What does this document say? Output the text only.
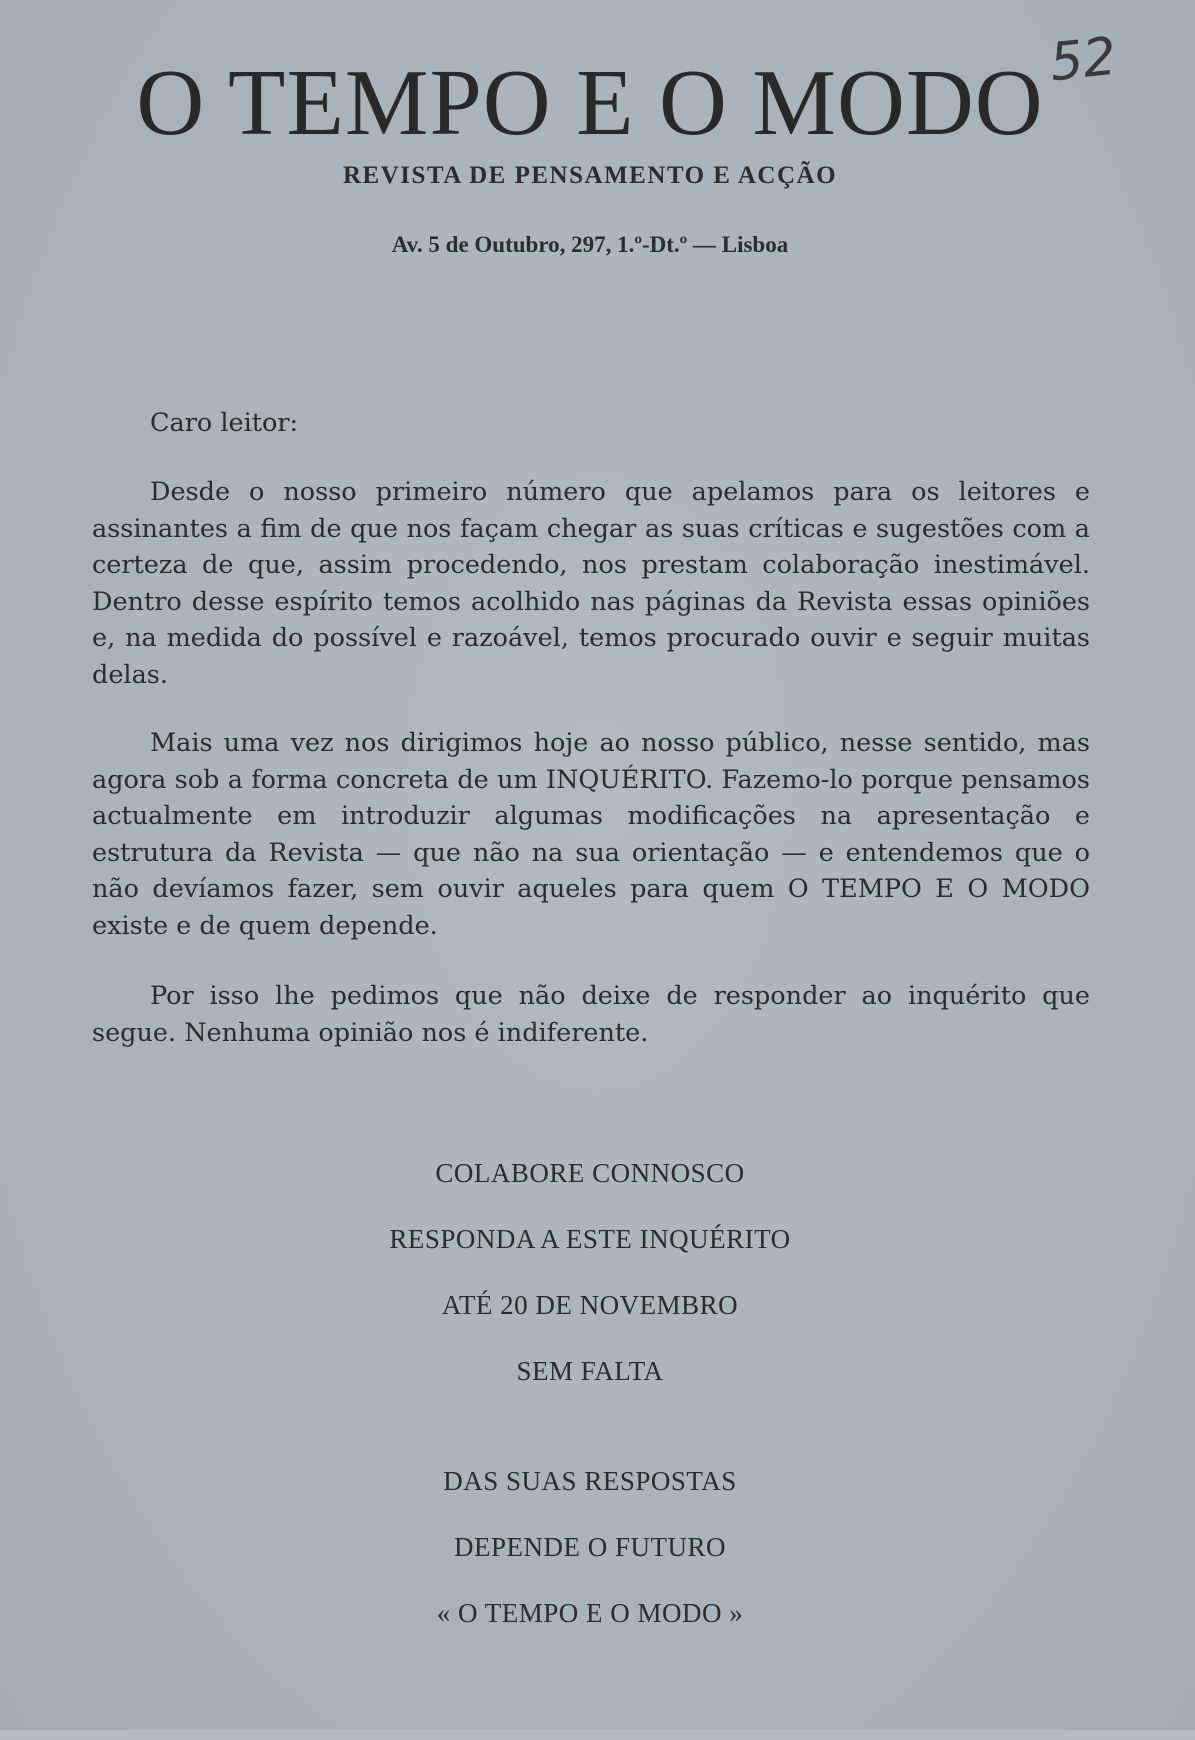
O TEMPO E O MODO 52
REVISTA DE PENSAMENTO E ACÇÃO
Av. 5 de Outubro, 297, 1.º-Dt.º — Lisboa
Caro leitor:
Desde o nosso primeiro número que apelamos para os leitores e assinantes a fim de que nos façam chegar as suas críticas e sugestões com a certeza de que, assim procedendo, nos prestam colaboração inestimável. Dentro desse espírito temos acolhido nas páginas da Revista essas opiniões e, na medida do possível e razoável, temos procurado ouvir e seguir muitas delas.
Mais uma vez nos dirigimos hoje ao nosso público, nesse sentido, mas agora sob a forma concreta de um INQUÉRITO. Fazemo-lo porque pensamos actualmente em introduzir algumas modificações na apresentação e estrutura da Revista — que não na sua orientação — e entendemos que o não devíamos fazer, sem ouvir aqueles para quem O TEMPO E O MODO existe e de quem depende.
Por isso lhe pedimos que não deixe de responder ao inquérito que segue. Nenhuma opinião nos é indiferente.
COLABORE CONNOSCO
RESPONDA A ESTE INQUÉRITO
ATÉ 20 DE NOVEMBRO
SEM FALTA
DAS SUAS RESPOSTAS
DEPENDE O FUTURO
« O TEMPO E O MODO »
